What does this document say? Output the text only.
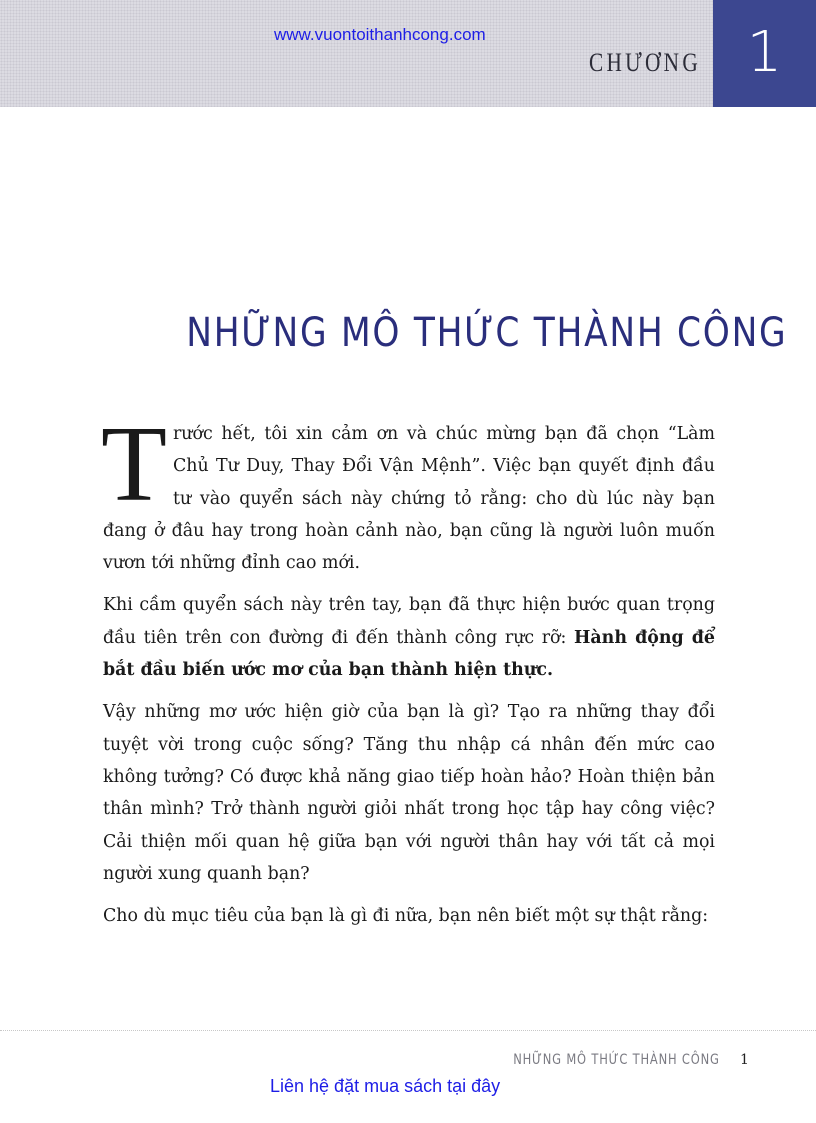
www.vuontoithanhcong.com
CHƯƠNG 1
NHỮNG MÔ THỨC THÀNH CÔNG

Trước hết, tôi xin cảm ơn và chúc mừng bạn đã chọn “Làm Chủ Tư Duy, Thay Đổi Vận Mệnh”. Việc bạn quyết định đầu tư vào quyển sách này chứng tỏ rằng: cho dù lúc này bạn đang ở đâu hay trong hoàn cảnh nào, bạn cũng là người luôn muốn vươn tới những đỉnh cao mới.

Khi cầm quyển sách này trên tay, bạn đã thực hiện bước quan trọng đầu tiên trên con đường đi đến thành công rực rỡ: Hành động để bắt đầu biến ước mơ của bạn thành hiện thực.

Vậy những mơ ước hiện giờ của bạn là gì? Tạo ra những thay đổi tuyệt vời trong cuộc sống? Tăng thu nhập cá nhân đến mức cao không tưởng? Có được khả năng giao tiếp hoàn hảo? Hoàn thiện bản thân mình? Trở thành người giỏi nhất trong học tập hay công việc? Cải thiện mối quan hệ giữa bạn với người thân hay với tất cả mọi người xung quanh bạn?

Cho dù mục tiêu của bạn là gì đi nữa, bạn nên biết một sự thật rằng:

NHỮNG MÔ THỨC THÀNH CÔNG 1
Liên hệ đặt mua sách tại đây
